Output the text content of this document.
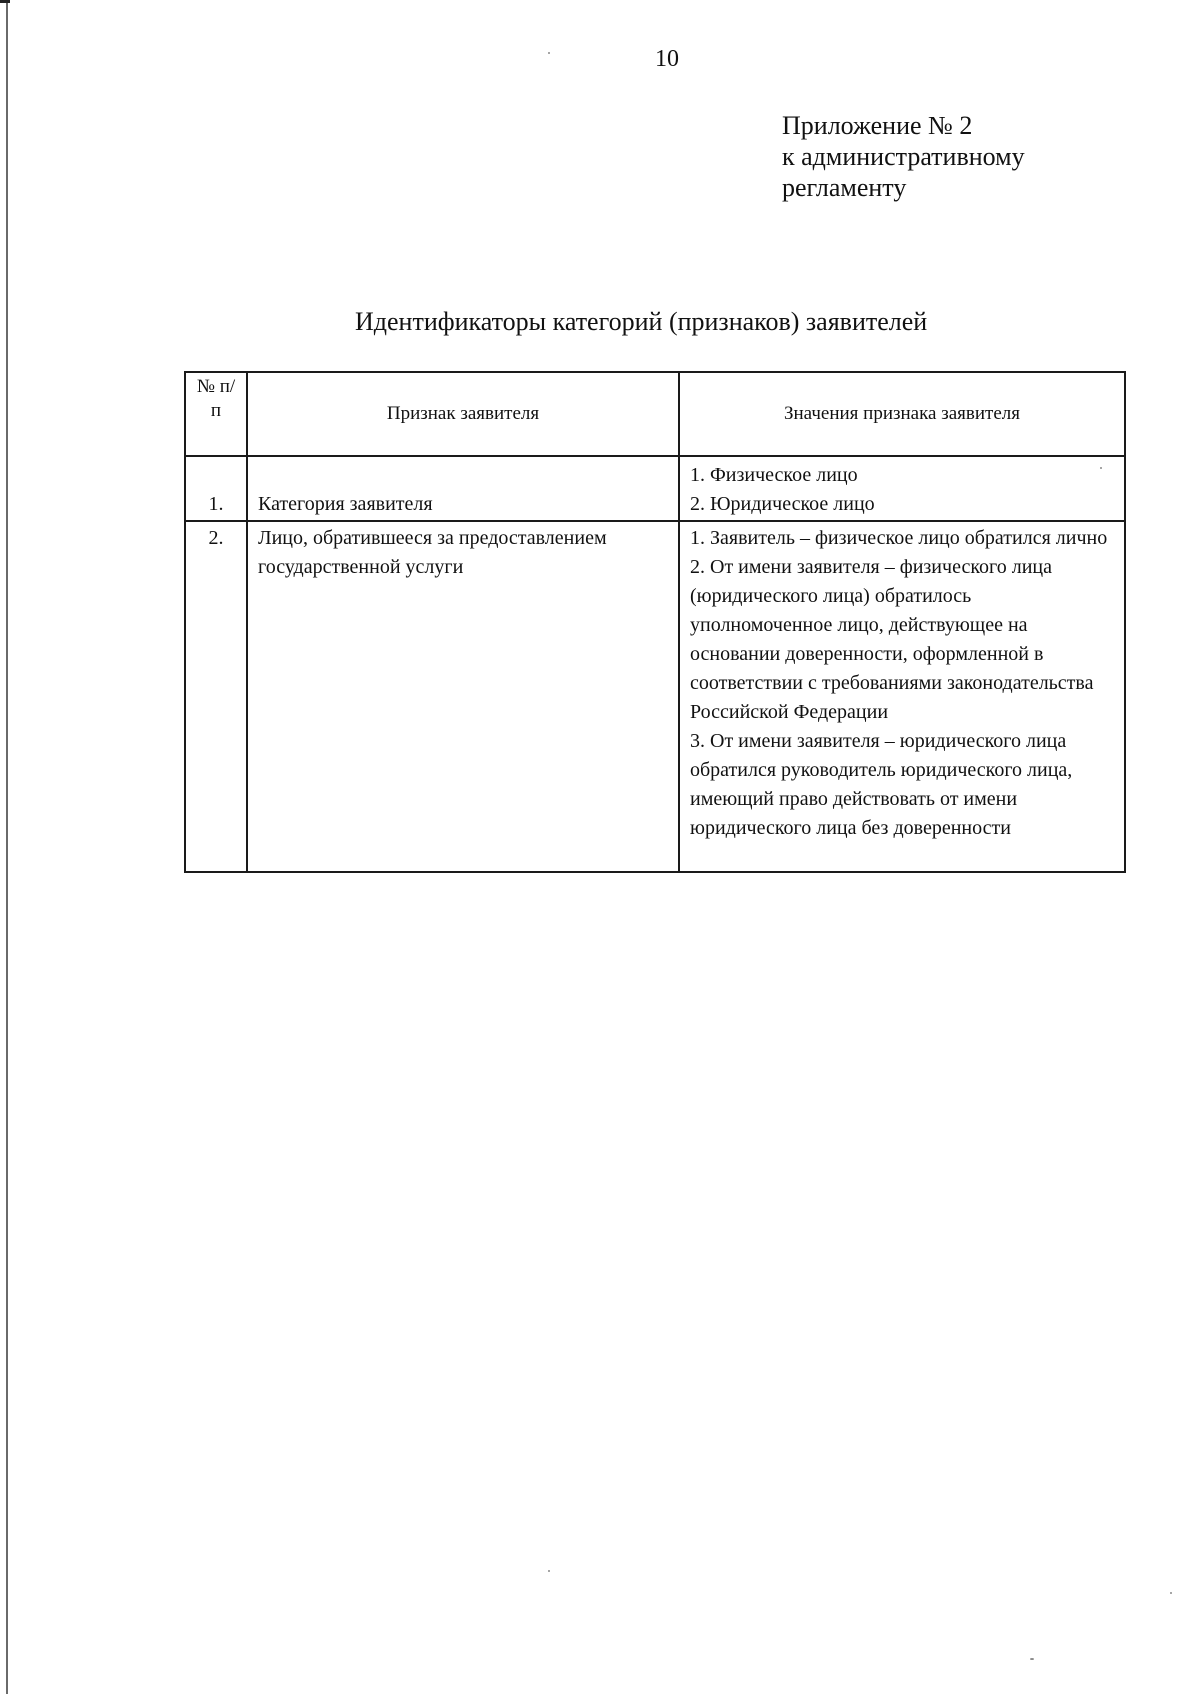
10
Приложение № 2
к административному
регламенту
Идентификаторы категорий (признаков) заявителей
№ п/п	Признак заявителя	Значения признака заявителя
1.	Категория заявителя	1. Физическое лицо
2. Юридическое лицо

2.	Лицо, обратившееся за предоставлением государственной услуги	1. Заявитель – физическое лицо обратился лично
2. От имени заявителя – физического лица (юридического лица) обратилось уполномоченное лицо, действующее на основании доверенности, оформленной в соответствии с требованиями законодательства Российской Федерации
3. От имени заявителя – юридического лица обратился руководитель юридического лица, имеющий право действовать от имени юридического лица без доверенности
